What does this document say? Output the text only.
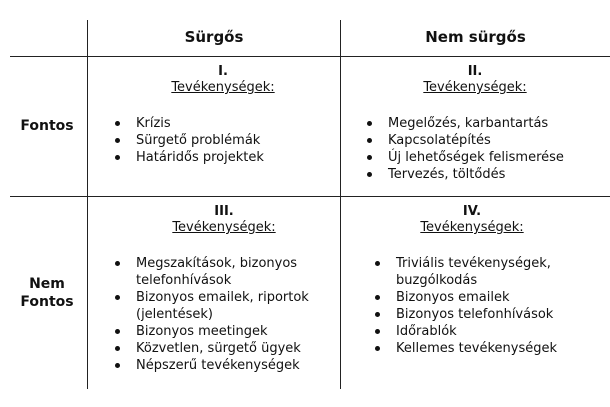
Sürgős	Nem sürgős
Fontos
Nem
Fontos
I.
Tevékenységek:
Krízis
Sürgető problémák
Határidős projektek
II.
Tevékenységek:
Megelőzés, karbantartás
Kapcsolatépítés
Új lehetőségek felismerése
Tervezés, töltődés
III.
Tevékenységek:
Megszakítások, bizonyos telefonhívások
Bizonyos emailek, riportok (jelentések)
Bizonyos meetingek
Közvetlen, sürgető ügyek
Népszerű tevékenységek
IV.
Tevékenységek:
Triviális tevékenységek, buzgólkodás
Bizonyos emailek
Bizonyos telefonhívások
Időrablók
Kellemes tevékenységek
